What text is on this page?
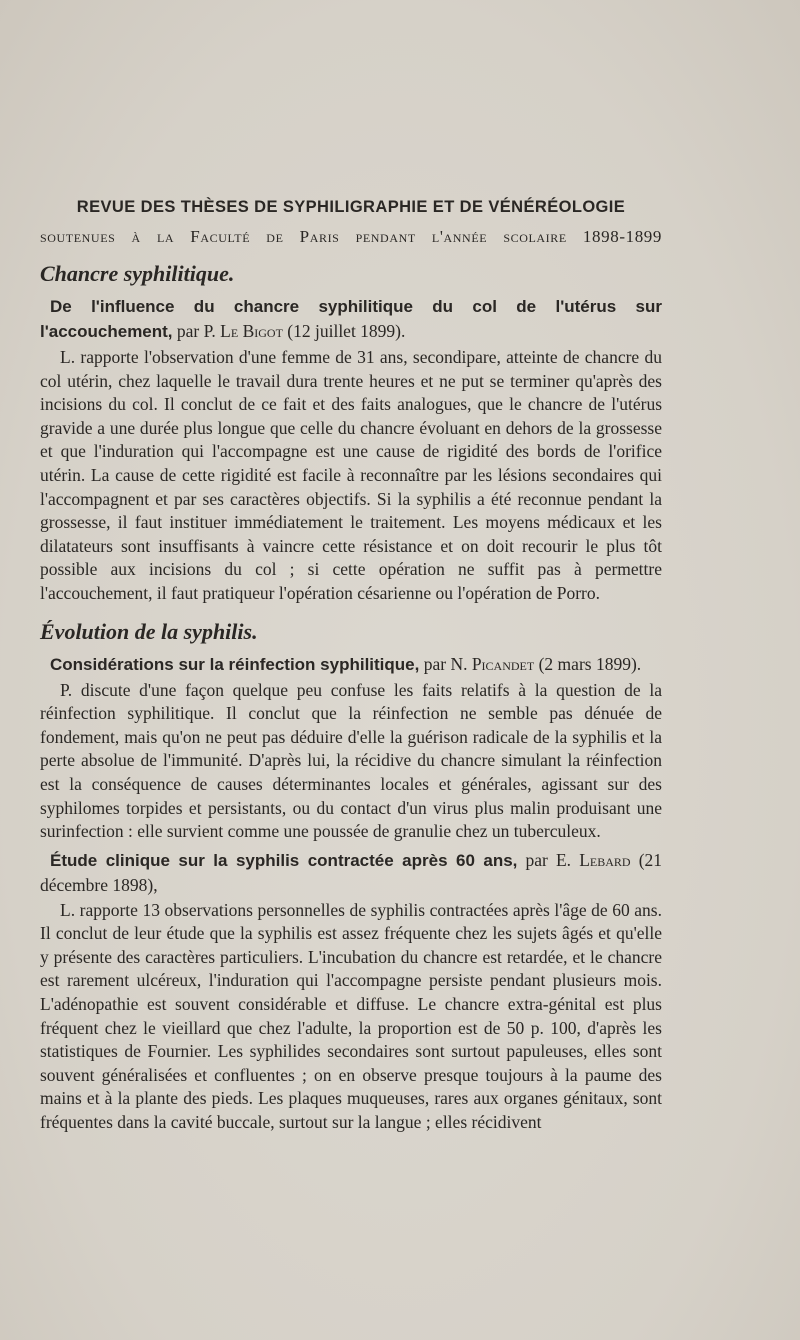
REVUE DES THÈSES DE SYPHILIGRAPHIE ET DE VÉNÉRÉOLOGIE

soutenues à la Faculté de Paris pendant l'année scolaire 1898-1899

Chancre syphilitique.

De l'influence du chancre syphilitique du col de l'utérus sur l'accouchement, par P. Le Bigot (12 juillet 1899).

L. rapporte l'observation d'une femme de 31 ans, secondipare, atteinte de chancre du col utérin, chez laquelle le travail dura trente heures et ne put se terminer qu'après des incisions du col. Il conclut de ce fait et des faits analogues, que le chancre de l'utérus gravide a une durée plus longue que celle du chancre évoluant en dehors de la grossesse et que l'induration qui l'accompagne est une cause de rigidité des bords de l'orifice utérin. La cause de cette rigidité est facile à reconnaître par les lésions secondaires qui l'accompagnent et par ses caractères objectifs. Si la syphilis a été reconnue pendant la grossesse, il faut instituer immédiatement le traitement. Les moyens médicaux et les dilatateurs sont insuffisants à vaincre cette résistance et on doit recourir le plus tôt possible aux incisions du col ; si cette opération ne suffit pas à permettre l'accouchement, il faut pratiqueur l'opération césarienne ou l'opération de Porro.

Évolution de la syphilis.

Considérations sur la réinfection syphilitique, par N. Picandet (2 mars 1899).

P. discute d'une façon quelque peu confuse les faits relatifs à la question de la réinfection syphilitique. Il conclut que la réinfection ne semble pas dénuée de fondement, mais qu'on ne peut pas déduire d'elle la guérison radicale de la syphilis et la perte absolue de l'immunité. D'après lui, la récidive du chancre simulant la réinfection est la conséquence de causes déterminantes locales et générales, agissant sur des syphilomes torpides et persistants, ou du contact d'un virus plus malin produisant une surinfection : elle survient comme une poussée de granulie chez un tuberculeux.

Étude clinique sur la syphilis contractée après 60 ans, par E. Lebard (21 décembre 1898),

L. rapporte 13 observations personnelles de syphilis contractées après l'âge de 60 ans. Il conclut de leur étude que la syphilis est assez fréquente chez les sujets âgés et qu'elle y présente des caractères particuliers. L'incubation du chancre est retardée, et le chancre est rarement ulcéreux, l'induration qui l'accompagne persiste pendant plusieurs mois. L'adénopathie est souvent considérable et diffuse. Le chancre extra-génital est plus fréquent chez le vieillard que chez l'adulte, la proportion est de 50 p. 100, d'après les statistiques de Fournier. Les syphilides secondaires sont surtout papuleuses, elles sont souvent généralisées et confluentes ; on en observe presque toujours à la paume des mains et à la plante des pieds. Les plaques muqueuses, rares aux organes génitaux, sont fréquentes dans la cavité buccale, surtout sur la langue ; elles récidivent
